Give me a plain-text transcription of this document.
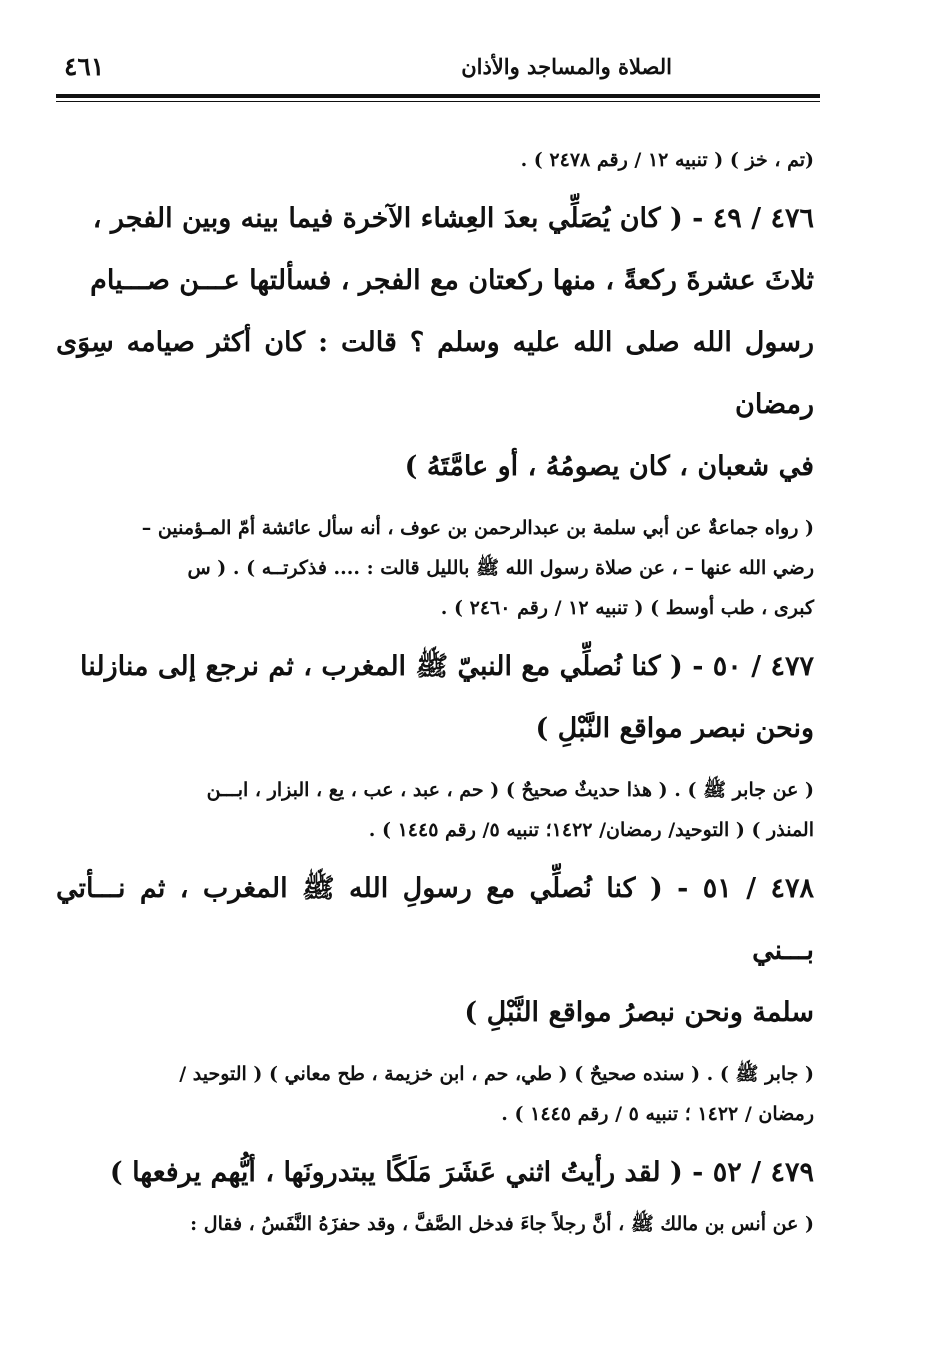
٤٦١	الصلاة والمساجد والأذان

(تم ، خز ) ( تنبيه ١٢ / رقم ٢٤٧٨ ) .

٤٧٦ / ٤٩ - ( كان يُصَلِّي بعدَ العِشاء الآخرة فيما بينه وبين الفجر ،

ثلاثَ عشرةَ ركعةً ، منها ركعتان مع الفجر ، فسألتها عـــن صـــيام

رسول الله صلى الله عليه وسلم ؟ قالت : كان أكثر صيامه سِوَى رمضان

في شعبان ، كان يصومُهُ ، أو عامَّتَهُ )

( رواه جماعةٌ عن أبي سلمة بن عبدالرحمن بن عوف ، أنه سأل عائشة أمّ المـؤمنين –

رضي الله عنها – ، عن صلاة رسول الله ﷺ بالليل قالت : .... فذكرتــه ) . ( س

كبرى ، طب أوسط ) ( تنبيه ١٢ / رقم ٢٤٦٠ ) .

٤٧٧ / ٥٠ - ( كنا نُصلِّي مع النبيّ ﷺ المغرب ، ثم نرجع إلى منازلنا

ونحن نبصر مواقع النَّبْلِ )

( عن جابر ﷺ ) . ( هذا حديثٌ صحيحٌ ) ( حم ، عبد ، عب ، يع ، البزار ، ابـــن

المنذر ) ( التوحيد/ رمضان/ ١٤٢٢؛ تنبيه ٥/ رقم ١٤٤٥ ) .

٤٧٨ / ٥١ - ( كنا نُصلِّي مع رسولِ الله ﷺ المغرب ، ثم نـــأتي بـــني

سلمة ونحن نبصرُ مواقع النَّبْلِ )

( جابر ﷺ ) . ( سنده صحيحٌ ) ( طي، حم ، ابن خزيمة ، طح معاني ) ( التوحيد /

رمضان / ١٤٢٢ ؛ تنبيه ٥ / رقم ١٤٤٥ ) .

٤٧٩ / ٥٢ - ( لقد رأيتُ اثني عَشَرَ مَلَكًا يبتدرونَها ، أيُّهم يرفعها )

( عن أنس بن مالك ﷺ ، أنَّ رجلاً جاءَ فدخل الصَّفَّ ، وقد حفزَهُ النَّفَسُ ، فقال :
